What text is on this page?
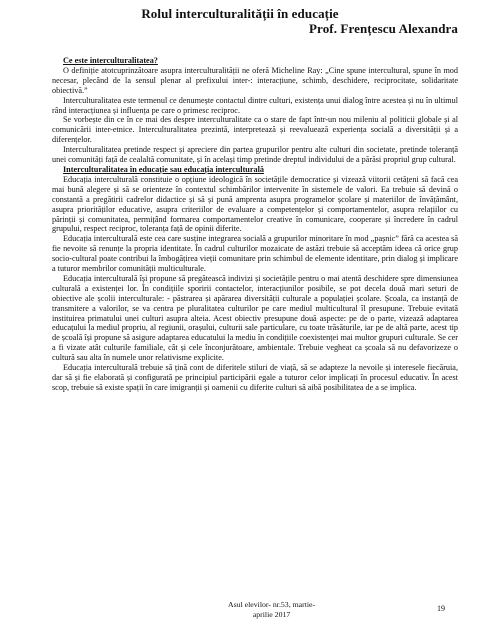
Rolul interculturalității în educație
Prof. Frențescu Alexandra

Ce este interculturalitatea?

O definiție atotcuprinzătoare asupra interculturalității ne oferă Micheline Ray: „Cine spune intercultural, spune în mod necesar, plecând de la sensul plenar al prefixului inter-: interacțiune, schimb, deschidere, reciprocitate, solidaritate obiectivă.”

Interculturalitatea este termenul ce denumește contactul dintre culturi, existența unui dialog între acestea și nu în ultimul rând interacțiunea și influența pe care o primesc reciproc.

Se vorbește din ce în ce mai des despre interculturalitate ca o stare de fapt într-un nou mileniu al politicii globale și al comunicării inter-etnice. Interculturalitatea prezintă, interpretează și reevaluează experiența socială a diversității și a diferențelor.

Interculturalitatea pretinde respect și apreciere din partea grupurilor pentru alte culturi din societate, pretinde toleranță unei comunități față de cealaltă comunitate, și în același timp pretinde dreptul individului de a părăsi propriul grup cultural.

Interculturalitatea în educație sau educația interculturală

Educația interculturală constituie o opțiune ideologică în societățile democratice și vizează viitorii cetățeni să facă cea mai bună alegere și să se orienteze în contextul schimbărilor intervenite în sistemele de valori. Ea trebuie să devină o constantă a pregătirii cadrelor didactice și să și pună amprenta asupra programelor școlare și materiilor de învățământ, asupra priorităților educative, asupra criteriilor de evaluare a competențelor și comportamentelor, asupra relațiilor cu părinții și comunitatea, permițând formarea comportamentelor creative în comunicare, cooperare și încredere în cadrul grupului, respect reciproc, toleranța față de opinii diferite.

Educația interculturală este cea care susține integrarea socială a grupurilor minoritare în mod „pașnic” fără ca acestea să fie nevoite să renunțe la propria identitate. În cadrul culturilor mozaicate de astăzi trebuie să acceptăm ideea că orice grup socio-cultural poate contribui la îmbogățirea vieții comunitare prin schimbul de elemente identitare, prin dialog și implicare a tuturor membrilor comunității multiculturale.

Educația interculturală își propune să pregătească indivizi și societățile pentru o mai atentă deschidere spre dimensiunea culturală a existenței lor. În condițiile sporirii contactelor, interacțiunilor posibile, se pot decela două mari seturi de obiective ale școlii interculturale: - păstrarea și apărarea diversității culturale a populației școlare. Școala, ca instanță de transmitere a valorilor, se va centra pe pluralitatea culturilor pe care mediul multicultural îl presupune. Trebuie evitată instituirea primatului unei culturi asupra alteia. Acest obiectiv presupune două aspecte: pe de o parte, vizează adaptarea educațului la mediul propriu, al regiunii, orașului, culturii sale particulare, cu toate trăsăturile, iar pe de altă parte, acest tip de școală își propune să asigure adaptarea educatului la mediu în condițiile coexistenței mai multor grupuri culturale. Se cer a fi vizate atât culturile familiale, cât și cele înconjurătoare, ambientale. Trebuie vegheat ca școala să nu defavorizeze o cultură sau alta în numele unor relativisme explicite.

Educația interculturală trebuie să țină cont de diferitele stiluri de viață, să se adapteze la nevoile și interesele fiecăruia, dar să și fie elaborată și configurată pe principiul participării egale a tuturor celor implicați în procesul educativ. În acest scop, trebuie să existe spații în care imigranții și oamenii cu diferite culturi să aibă posibilitatea de a se implica.

Asul elevilor- nr.53, martie-
aprilie 2017
19
